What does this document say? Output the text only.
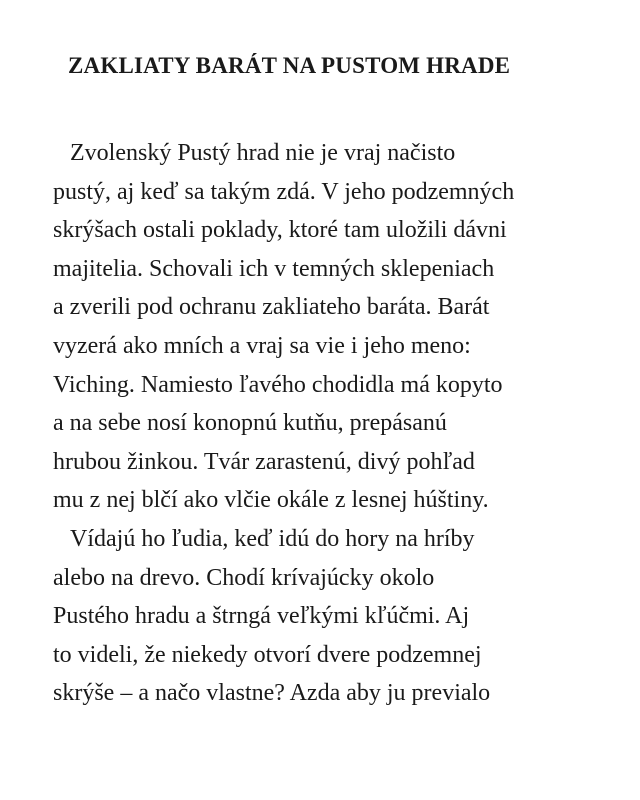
ZAKLIATY BARÁT NA PUSTOM HRADE
Zvolenský Pustý hrad nie je vraj načisto
pustý, aj keď sa takým zdá. V jeho podzemných
skrýšach ostali poklady, ktoré tam uložili dávni
majitelia. Schovali ich v temných sklepeniach
a zverili pod ochranu zakliateho baráta. Barát
vyzerá ako mních a vraj sa vie i jeho meno:
Viching. Namiesto ľavého chodidla má kopyto
a na sebe nosí konopnú kutňu, prepásanú
hrubou žinkou. Tvár zarastenú, divý pohľad
mu z nej blčí ako vlčie okále z lesnej húštiny.
Vídajú ho ľudia, keď idú do hory na hríby
alebo na drevo. Chodí krívajúcky okolo
Pustého hradu a štrngá veľkými kľúčmi. Aj
to videli, že niekedy otvorí dvere podzemnej
skrýše – a načo vlastne? Azda aby ju previalo
